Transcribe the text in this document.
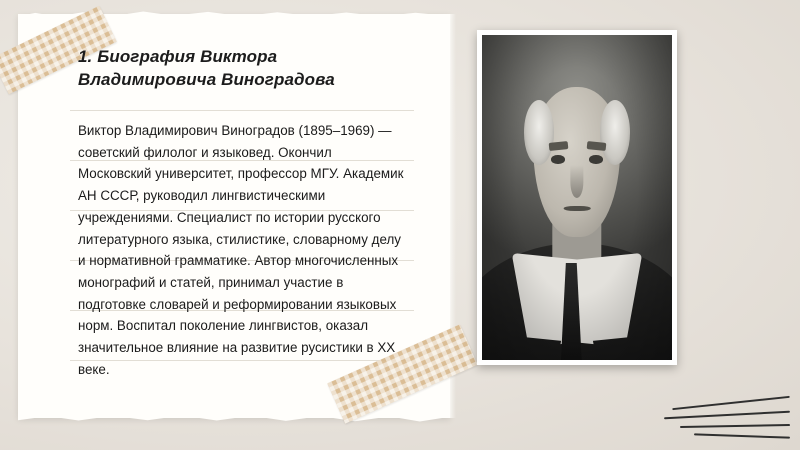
1. Биография Виктора Владимировича Виноградова
Виктор Владимирович Виноградов (1895–1969) — советский филолог и языковед. Окончил Московский университет, профессор МГУ. Академик АН СССР, руководил лингвистическими учреждениями. Специалист по истории русского литературного языка, стилистике, словарному делу и нормативной грамматике. Автор многочисленных монографий и статей, принимал участие в подготовке словарей и реформировании языковых норм. Воспитал поколение лингвистов, оказал значительное влияние на развитие русистики в XX веке.
